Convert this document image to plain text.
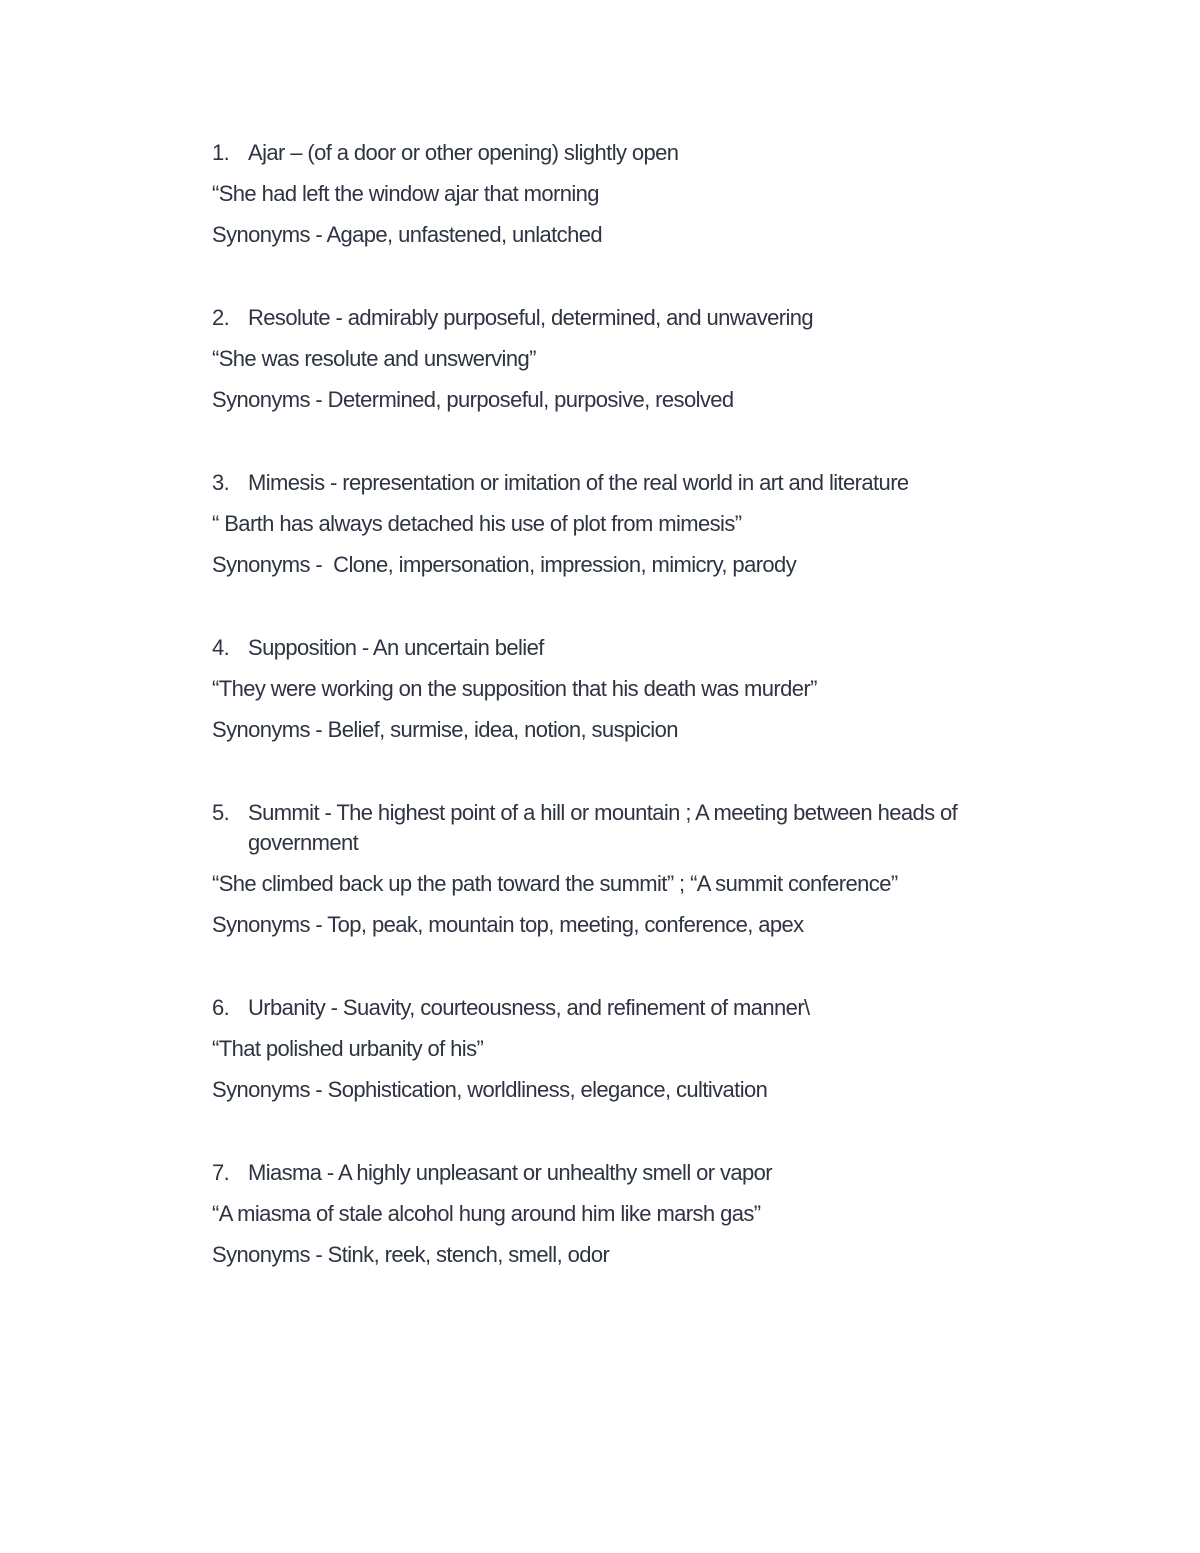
1. Ajar – (of a door or other opening) slightly open
“She had left the window ajar that morning
Synonyms - Agape, unfastened, unlatched
2. Resolute - admirably purposeful, determined, and unwavering
“She was resolute and unswerving”
Synonyms - Determined, purposeful, purposive, resolved
3. Mimesis - representation or imitation of the real world in art and literature
“ Barth has always detached his use of plot from mimesis”
Synonyms -  Clone, impersonation, impression, mimicry, parody
4. Supposition - An uncertain belief
“They were working on the supposition that his death was murder”
Synonyms - Belief, surmise, idea, notion, suspicion
5. Summit - The highest point of a hill or mountain ; A meeting between heads of government
“She climbed back up the path toward the summit” ; “A summit conference”
Synonyms - Top, peak, mountain top, meeting, conference, apex
6. Urbanity - Suavity, courteousness, and refinement of manner\
“That polished urbanity of his”
Synonyms - Sophistication, worldliness, elegance, cultivation
7. Miasma - A highly unpleasant or unhealthy smell or vapor
“A miasma of stale alcohol hung around him like marsh gas”
Synonyms - Stink, reek, stench, smell, odor
